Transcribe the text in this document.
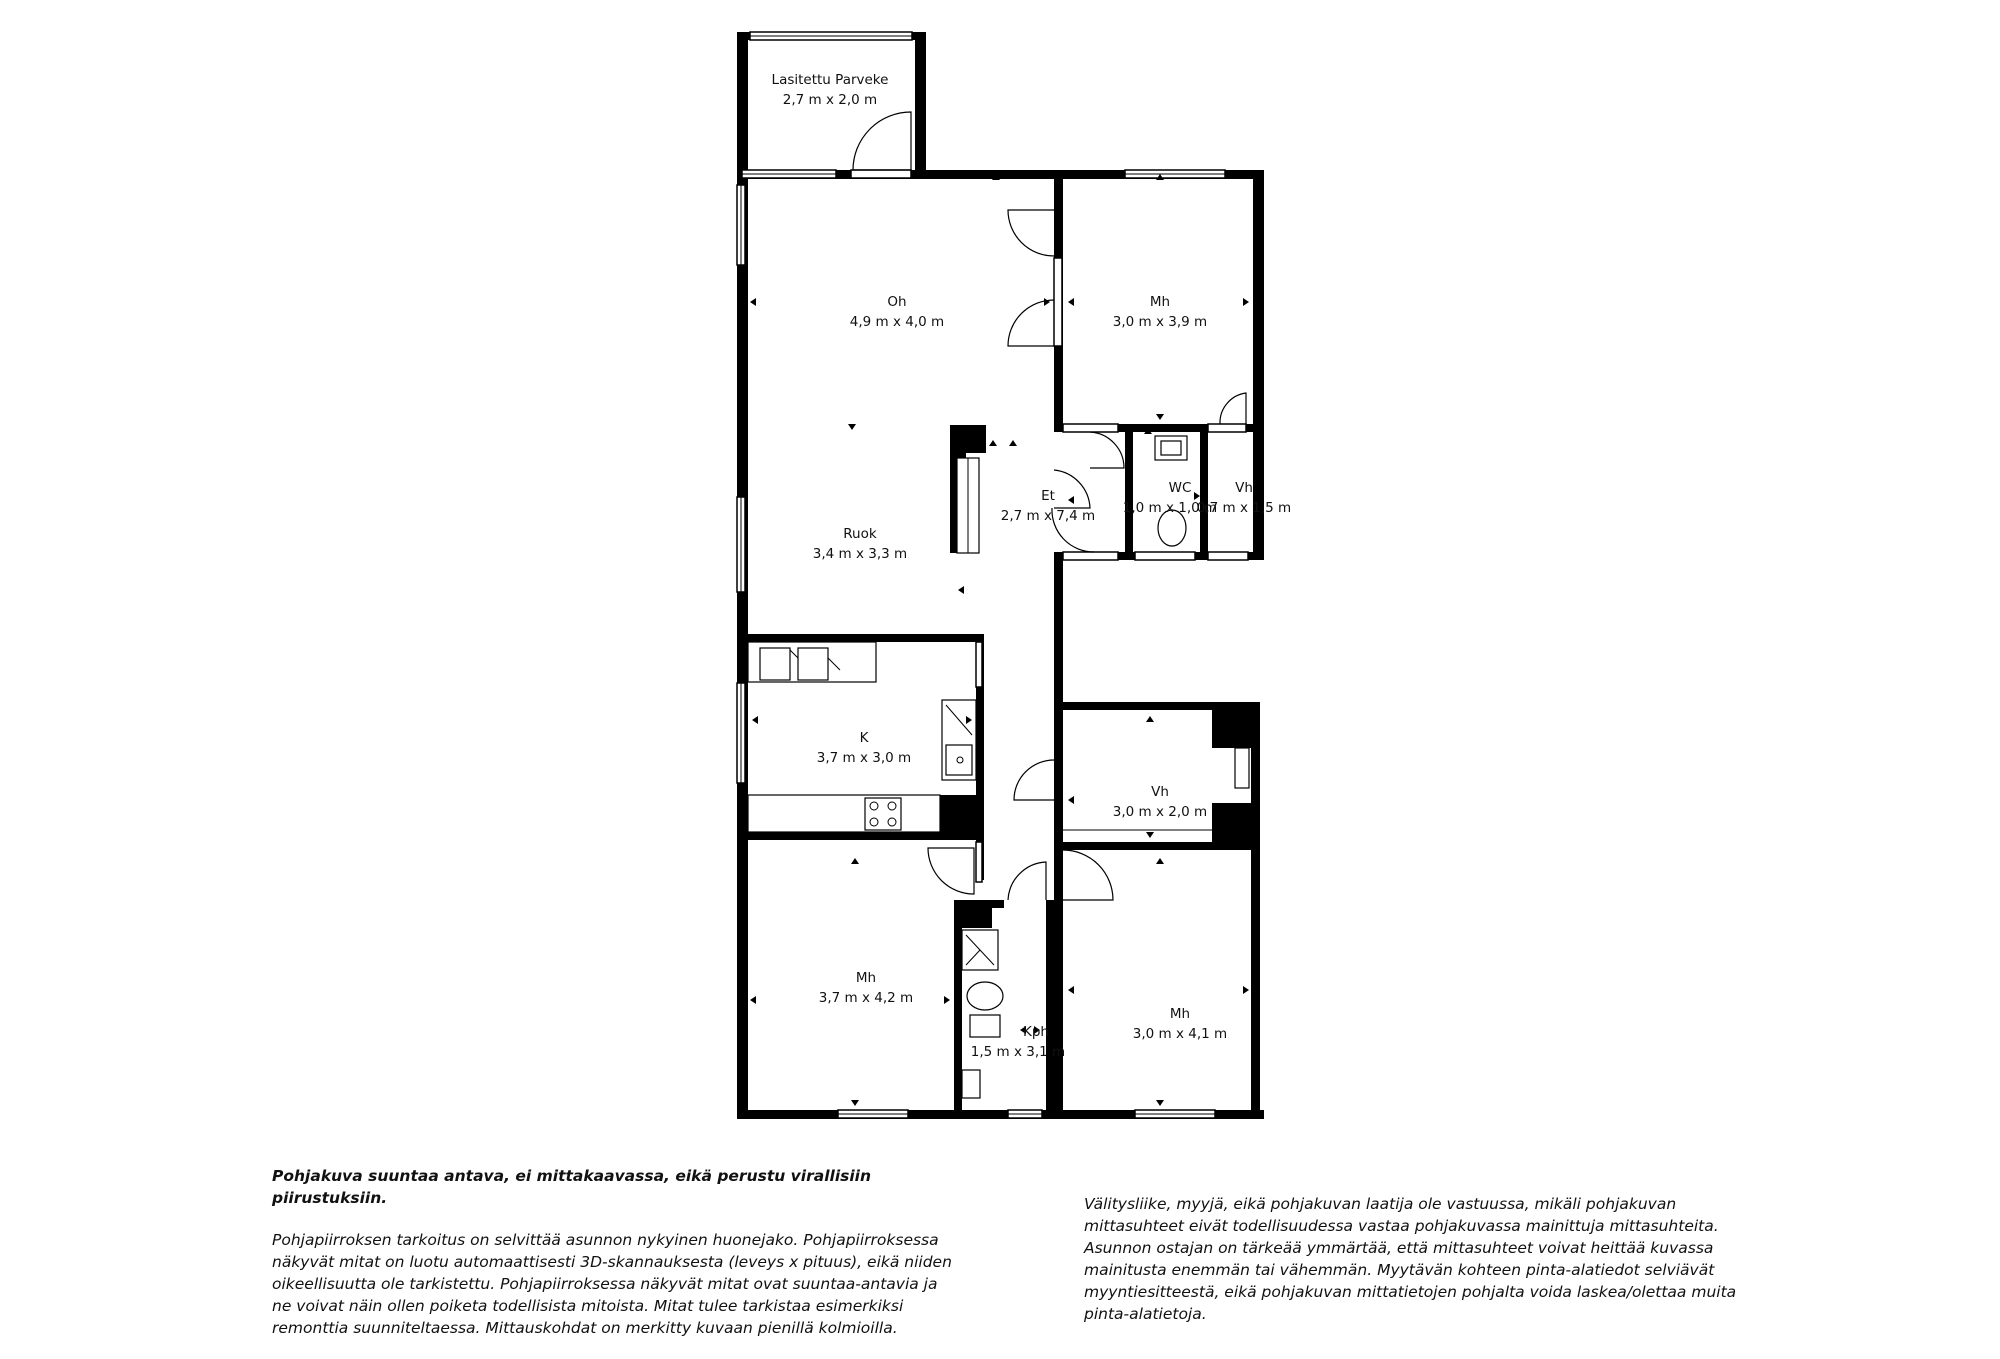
Lasitettu Parveke
2,7 m x 2,0 m
Oh
4,9 m x 4,0 m
Mh
3,0 m x 3,9 m
Ruok
3,4 m x 3,3 m
Et
2,7 m x 7,4 m
WC
1,0 m x 1,0 m
Vh
0,7 m x 1,5 m
K
3,7 m x 3,0 m
Vh
3,0 m x 2,0 m
Mh
3,7 m x 4,2 m
Kph
1,5 m x 3,1 m
Mh
3,0 m x 4,1 m

Pohjakuva suuntaa antava, ei mittakaavassa, eikä perustu virallisiin piirustuksiin.

Pohjapiirroksen tarkoitus on selvittää asunnon nykyinen huonejako. Pohjapiirroksessa
näkyvät mitat on luotu automaattisesti 3D-skannauksesta (leveys x pituus), eikä niiden
oikeellisuutta ole tarkistettu. Pohjapiirroksessa näkyvät mitat ovat suuntaa-antavia ja
ne voivat näin ollen poiketa todellisista mitoista. Mitat tulee tarkistaa esimerkiksi
remonttia suunniteltaessa. Mittauskohdat on merkitty kuvaan pienillä kolmioilla.

Välitysliike, myyjä, eikä pohjakuvan laatija ole vastuussa, mikäli pohjakuvan
mittasuhteet eivät todellisuudessa vastaa pohjakuvassa mainittuja mittasuhteita.
Asunnon ostajan on tärkeää ymmärtää, että mittasuhteet voivat heittää kuvassa
mainitusta enemmän tai vähemmän. Myytävän kohteen pinta-alatiedot selviävät
myyntiesitteestä, eikä pohjakuvan mittatietojen pohjalta voida laskea/olettaa muita
pinta-alatietoja.
